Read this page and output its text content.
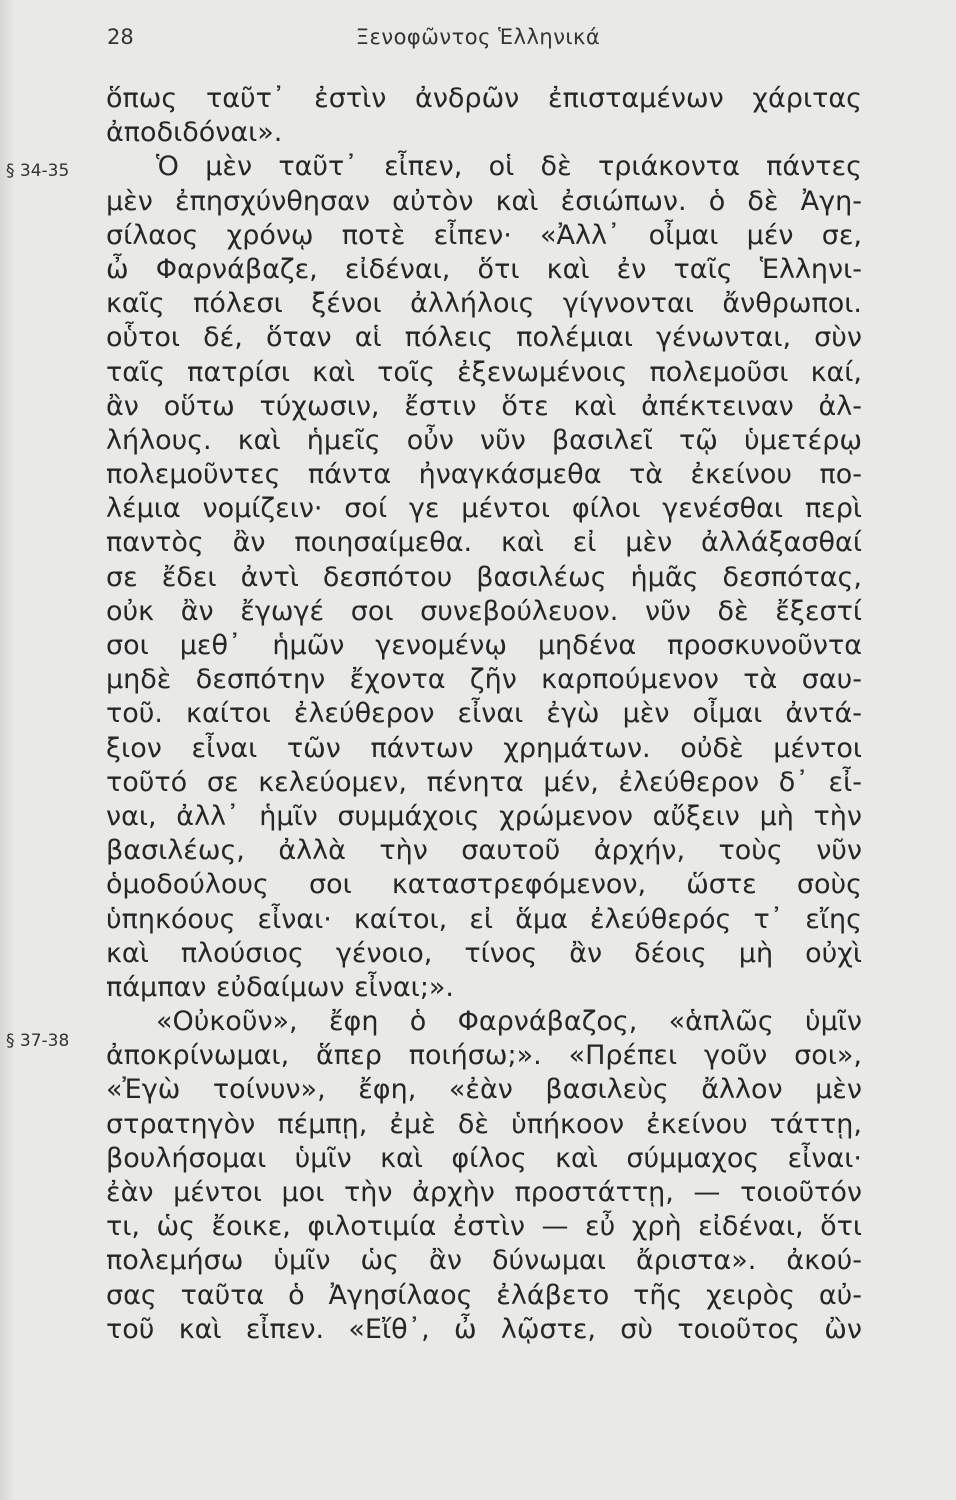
28	Ξενοφῶντος Ἑλληνικά
§ 34-35
§ 37-38
ὅπως ταῦτ᾽ ἐστὶν ἀνδρῶν ἐπισταμένων χάριτας
ἀποδιδόναι».
Ὁ μὲν ταῦτ᾽ εἶπεν, οἱ δὲ τριάκοντα πάντες
μὲν ἐπησχύνθησαν αὐτὸν καὶ ἐσιώπων. ὁ δὲ Ἀγη-
σίλαος χρόνῳ ποτὲ εἶπεν· «Ἀλλ᾽ οἶμαι μέν σε,
ὦ Φαρνάβαζε, εἰδέναι, ὅτι καὶ ἐν ταῖς Ἑλληνι-
καῖς πόλεσι ξένοι ἀλλήλοις γίγνονται ἄνθρωποι.
οὗτοι δέ, ὅταν αἱ πόλεις πολέμιαι γένωνται, σὺν
ταῖς πατρίσι καὶ τοῖς ἐξενωμένοις πολεμοῦσι καί,
ἂν οὕτω τύχωσιν, ἔστιν ὅτε καὶ ἀπέκτειναν ἀλ-
λήλους. καὶ ἡμεῖς οὖν νῦν βασιλεῖ τῷ ὑμετέρῳ
πολεμοῦντες πάντα ἠναγκάσμεθα τὰ ἐκείνου πο-
λέμια νομίζειν· σοί γε μέντοι φίλοι γενέσθαι περὶ
παντὸς ἂν ποιησαίμεθα. καὶ εἰ μὲν ἀλλάξασθαί
σε ἔδει ἀντὶ δεσπότου βασιλέως ἡμᾶς δεσπότας,
οὐκ ἂν ἔγωγέ σοι συνεβούλευον. νῦν δὲ ἔξεστί
σοι μεθ᾽ ἡμῶν γενομένῳ μηδένα προσκυνοῦντα
μηδὲ δεσπότην ἔχοντα ζῆν καρπούμενον τὰ σαυ-
τοῦ. καίτοι ἐλεύθερον εἶναι ἐγὼ μὲν οἶμαι ἀντά-
ξιον εἶναι τῶν πάντων χρημάτων. οὐδὲ μέντοι
τοῦτό σε κελεύομεν, πένητα μέν, ἐλεύθερον δ᾽ εἶ-
ναι, ἀλλ᾽ ἡμῖν συμμάχοις χρώμενον αὔξειν μὴ τὴν
βασιλέως, ἀλλὰ τὴν σαυτοῦ ἀρχήν, τοὺς νῦν
ὁμοδούλους σοι καταστρεφόμενον, ὥστε σοὺς
ὑπηκόους εἶναι· καίτοι, εἰ ἅμα ἐλεύθερός τ᾽ εἴης
καὶ πλούσιος γένοιο, τίνος ἂν δέοις μὴ οὐχὶ
πάμπαν εὐδαίμων εἶναι;».
«Οὐκοῦν», ἔφη ὁ Φαρνάβαζος, «ἁπλῶς ὑμῖν
ἀποκρίνωμαι, ἅπερ ποιήσω;». «Πρέπει γοῦν σοι»,
«Ἐγὼ τοίνυν», ἔφη, «ἐὰν βασιλεὺς ἄλλον μὲν
στρατηγὸν πέμπῃ, ἐμὲ δὲ ὑπήκοον ἐκείνου τάττῃ,
βουλήσομαι ὑμῖν καὶ φίλος καὶ σύμμαχος εἶναι·
ἐὰν μέντοι μοι τὴν ἀρχὴν προστάττῃ, — τοιοῦτόν
τι, ὡς ἔοικε, φιλοτιμία ἐστὶν — εὖ χρὴ εἰδέναι, ὅτι
πολεμήσω ὑμῖν ὡς ἂν δύνωμαι ἄριστα». ἀκού-
σας ταῦτα ὁ Ἀγησίλαος ἐλάβετο τῆς χειρὸς αὐ-
τοῦ καὶ εἶπεν. «Εἴθ᾽, ὦ λῷστε, σὺ τοιοῦτος ὢν
